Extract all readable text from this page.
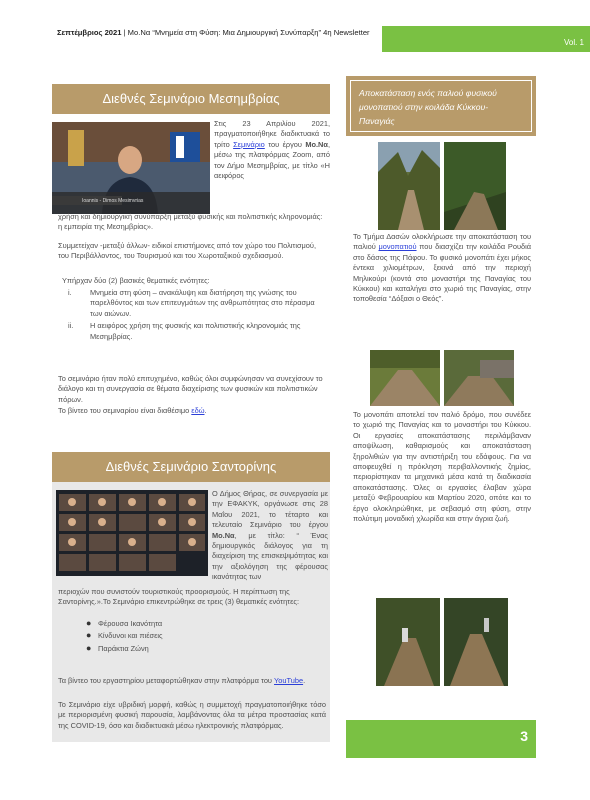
Σεπτέμβριος 2021 | Μο.Να “Μνημεία στη Φύση: Μια Δημιουργική Συνύπαρξη” 4η Newsletter
Vol. 1
Διεθνές Σεμινάριο Μεσημβρίας
Ioannis - Dimos Mesimvrias
Στις 23 Απριλίου 2021, πραγματοποιήθηκε διαδικτυακά το τρίτο Σεμινάριο του έργου Μο.Να, μέσω της πλατφόρμας Zoom, από τον Δήμο Μεσημβρίας, με τίτλο «Η αειφόρος
χρήση και δημιουργική συνύπαρξη μεταξύ φυσικής και πολιτιστικής κληρονομιάς: η εμπειρία της Μεσημβρίας».
Συμμετείχαν -μεταξύ άλλων- ειδικοί επιστήμονες από τον χώρο του Πολιτισμού, του Περιβάλλοντος, του Τουρισμού και του Χωροταξικού σχεδιασμού.
Υπήρχαν δύο (2) βασικές θεματικές ενότητες:
i.	Μνημεία στη φύση – ανακάλυψη και διατήρηση της γνώσης του παρελθόντος και των επιτευγμάτων της ανθρωπότητας στο πέρασμα των αιώνων.
ii.	Η αειφόρος χρήση της φυσικής και πολιτιστικής κληρονομιάς της Μεσημβρίας.
Το σεμινάριο ήταν πολύ επιτυχημένο, καθώς όλοι συμφώνησαν να συνεχίσουν το διάλογο και τη συνεργασία σε θέματα διαχείρισης των φυσικών και πολιτιστικών πόρων.
Το βίντεο του σεμιναρίου είναι διαθέσιμο εδώ.
Διεθνές Σεμινάριο Σαντορίνης
Ο Δήμος Θήρας, σε συνεργασία με την ΕΦΑΚΥΚ, οργάνωσε στις 28 Μαΐου 2021, το τέταρτο και τελευταίο Σεμινάριο του έργου Μο.Να, με τίτλο: “ Ένας δημιουργικός διάλογος για τη διαχείριση της επισκεψιμότητας και την αξιολόγηση της φέρουσας ικανότητας των
περιοχών που συνιστούν τουριστικούς προορισμούς. Η περίπτωση της Σαντορίνης.».Το Σεμινάριο επικεντρώθηκε σε τρεις (3) θεματικές ενότητες:
● Φέρουσα Ικανότητα
● Κίνδυνοι και πιέσεις
● Παράκτια Ζώνη
Τα βίντεο του εργαστηρίου μεταφορτώθηκαν στην πλατφόρμα του YouTube.
Το Σεμινάριο είχε υβριδική μορφή, καθώς η συμμετοχή πραγματοποιήθηκε τόσο με περιορισμένη φυσική παρουσία, λαμβάνοντας όλα τα μέτρα προστασίας κατά της COVID-19, όσο και διαδικτυακά μέσω ηλεκτρονικής πλατφόρμας.
Αποκατάσταση ενός παλιού φυσικού μονοπατιού στην κοιλάδα Κύκκου-Παναγιάς
Το Τμήμα Δασών ολοκλήρωσε την αποκατάσταση του παλιού μονοπατιού που διασχίζει την κοιλάδα Ρουδιά στο δάσος της Πάφου. Το φυσικό μονοπάτι έχει μήκος έντεκα χιλιομέτρων, ξεκινά από την περιοχή Μηλικούρι (κοντά στο μοναστήρι της Παναγίας του Κύκκου) και καταλήγει στο χωριό της Παναγίας, στην τοποθεσία “Δόξασι ο Θεός”.
Το μονοπάτι αποτελεί τον παλιό δρόμο, που συνέδεε το χωριό της Παναγίας και το μοναστήρι του Κύκκου. Οι εργασίες αποκατάστασης περιλάμβαναν αποψίλωση, καθαρισμούς και αποκατάσταση ξηρολιθιών για την αντιστήριξη του εδάφους. Για να αποφευχθεί η πρόκληση περιβαλλοντικής ζημίας, περιορίστηκαν τα μηχανικά μέσα κατά τη διαδικασία αποκατάστασης. Όλες οι εργασίες έλαβαν χώρα μεταξύ Φεβρουαρίου και Μαρτίου 2020, οπότε και το έργο ολοκληρώθηκε, με σεβασμό στη φύση, στην πολύτιμη μοναδική χλωρίδα και στην άγρια ζωή.
3
